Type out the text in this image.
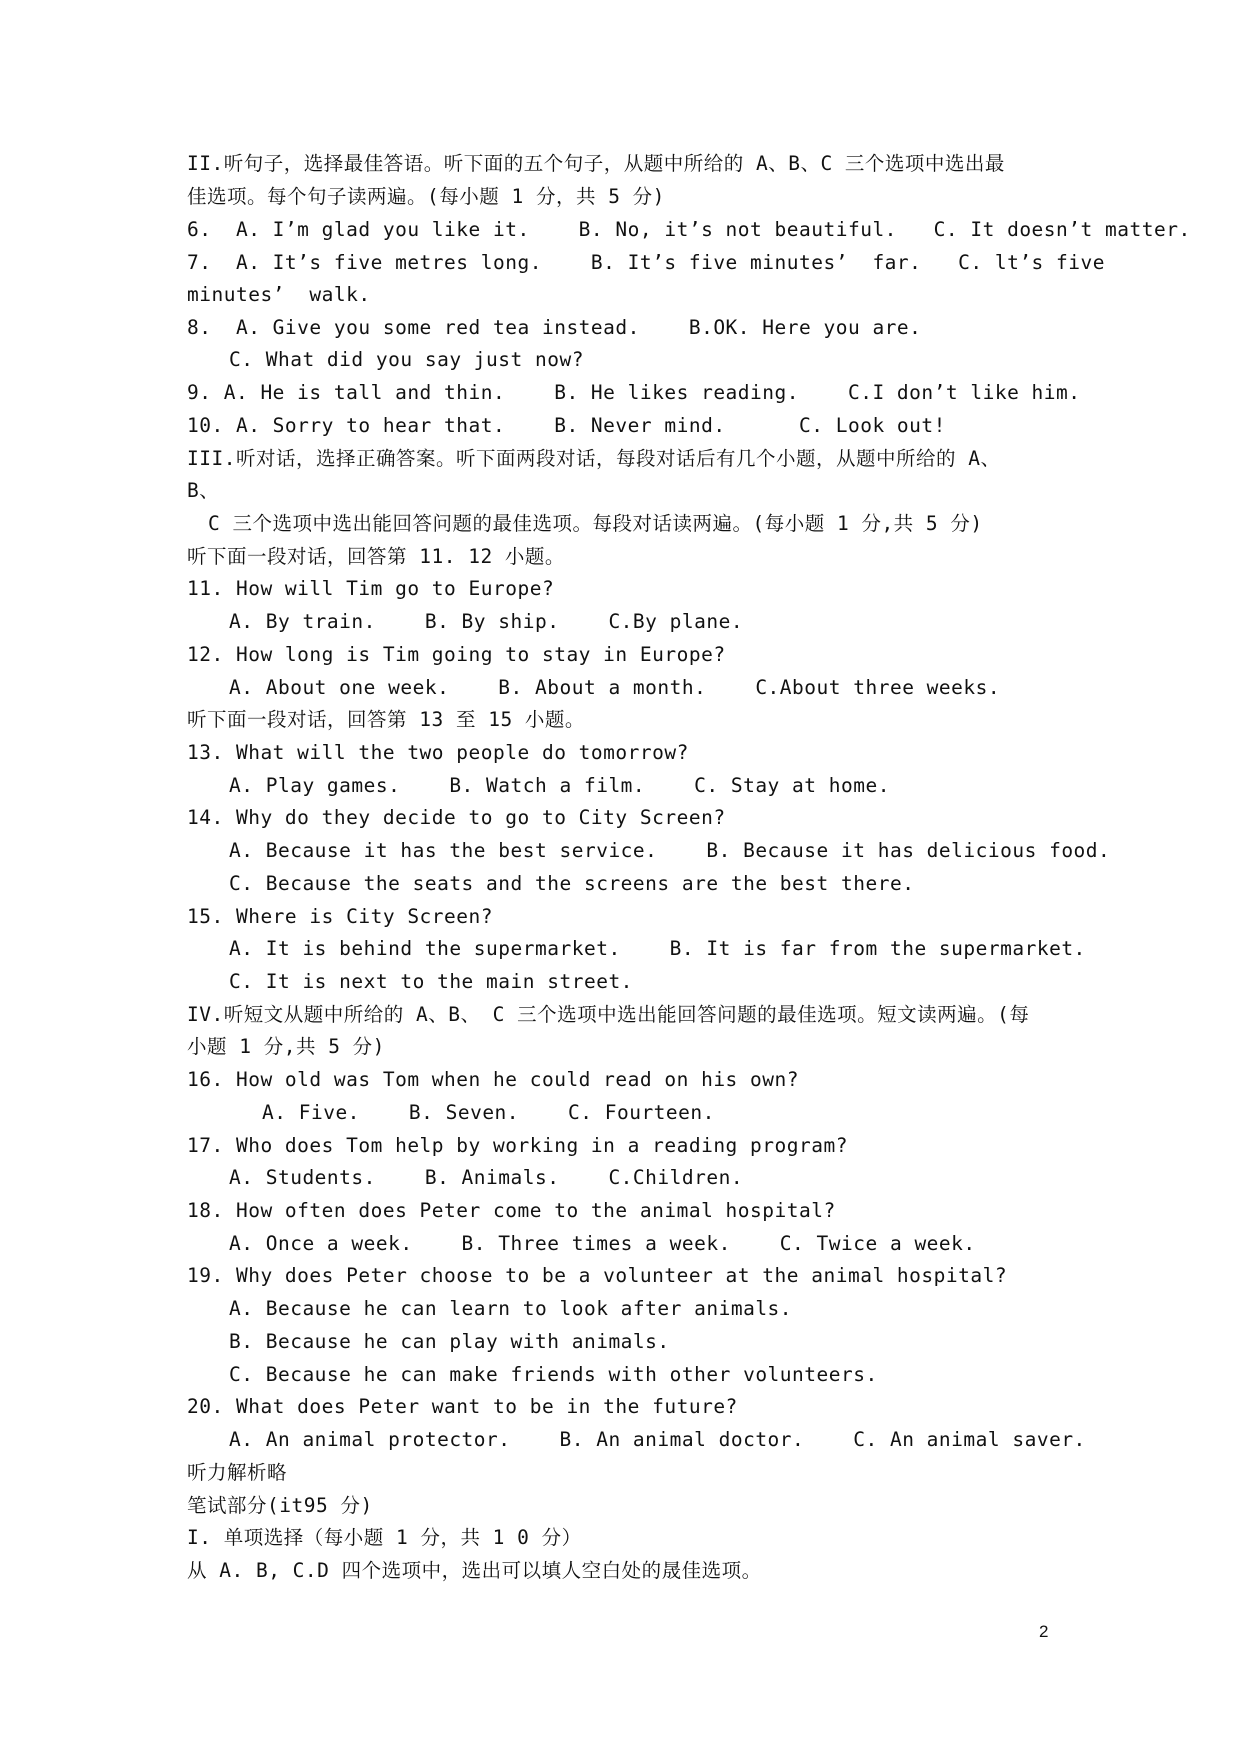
II.听句子，选择最佳答语。听下面的五个句子，从题中所给的 A、B、C 三个选项中选出最
佳选项。每个句子读两遍。(每小题 1 分，共 5 分)
6.  A. I’m glad you like it.    B. No, it’s not beautiful.   C. It doesn’t matter.
7.  A. It’s five metres long.    B. It’s five minutes’  far.   C. lt’s five
minutes’  walk.
8.  A. Give you some red tea instead.    B.OK. Here you are.
C. What did you say just now?
9. A. He is tall and thin.    B. He likes reading.    C.I don’t like him.
10. A. Sorry to hear that.    B. Never mind.      C. Look out!
III.听对话，选择正确答案。听下面两段对话，每段对话后有几个小题，从题中所给的 A、
B、
C 三个选项中选出能回答问题的最佳选项。每段对话读两遍。(每小题 1 分,共 5 分)
听下面一段对话，回答第 11. 12 小题。
11. How will Tim go to Europe?
A. By train.    B. By ship.    C.By plane.
12. How long is Tim going to stay in Europe?
A. About one week.    B. About a month.    C.About three weeks.
听下面一段对话，回答第 13 至 15 小题。
13. What will the two people do tomorrow?
A. Play games.    B. Watch a film.    C. Stay at home.
14. Why do they decide to go to City Screen?
A. Because it has the best service.    B. Because it has delicious food.
C. Because the seats and the screens are the best there.
15. Where is City Screen?
A. It is behind the supermarket.    B. It is far from the supermarket.
C. It is next to the main street.
IV.听短文从题中所给的 A、B、 C 三个选项中选出能回答问题的最佳选项。短文读两遍。(每
小题 1 分,共 5 分)
16. How old was Tom when he could read on his own?
A. Five.    B. Seven.    C. Fourteen.
17. Who does Tom help by working in a reading program?
A. Students.    B. Animals.    C.Children.
18. How often does Peter come to the animal hospital?
A. Once a week.    B. Three times a week.    C. Twice a week.
19. Why does Peter choose to be a volunteer at the animal hospital?
A. Because he can learn to look after animals.
B. Because he can play with animals.
C. Because he can make friends with other volunteers.
20. What does Peter want to be in the future?
A. An animal protector.    B. An animal doctor.    C. An animal saver.
听力解析略
笔试部分(it95 分)
I. 单项选择（每小题 1 分，共 1 0 分）
从 A. B, C.D 四个选项中，选出可以填人空白处的晟佳选项。
2
